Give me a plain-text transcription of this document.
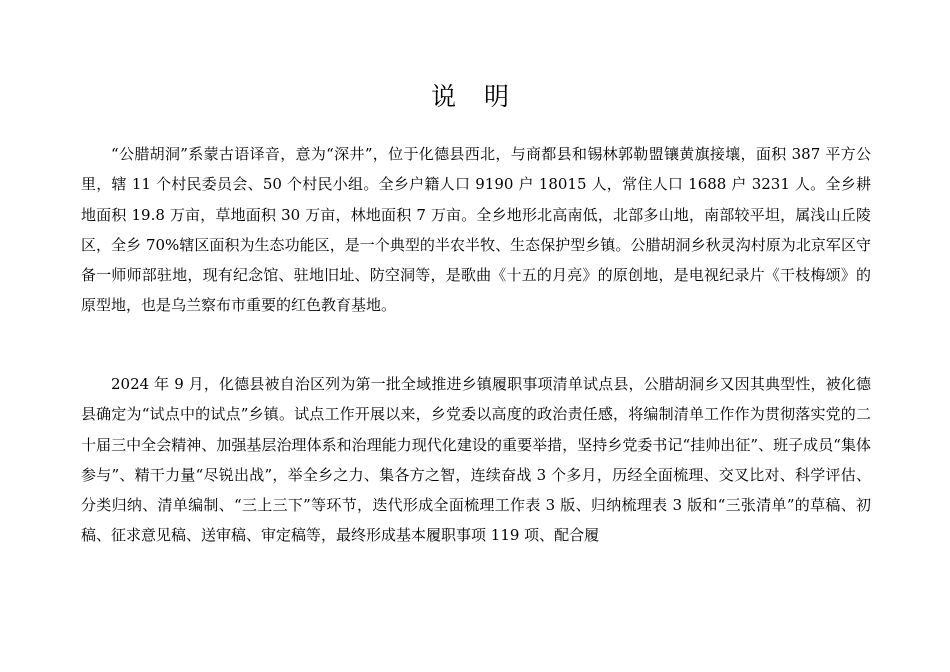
说 明

“公腊胡洞”系蒙古语译音，意为“深井”，位于化德县西北，与商都县和锡林郭勒盟镶黄旗接壤，面积 387 平方公里，辖 11 个村民委员会、50 个村民小组。全乡户籍人口 9190 户 18015 人，常住人口 1688 户 3231 人。全乡耕地面积 19.8 万亩，草地面积 30 万亩，林地面积 7 万亩。全乡地形北高南低，北部多山地，南部较平坦，属浅山丘陵区，全乡 70%辖区面积为生态功能区，是一个典型的半农半牧、生态保护型乡镇。公腊胡洞乡秋灵沟村原为北京军区守备一师师部驻地，现有纪念馆、驻地旧址、防空洞等，是歌曲《十五的月亮》的原创地，是电视纪录片《干枝梅颂》的原型地，也是乌兰察布市重要的红色教育基地。

2024 年 9 月，化德县被自治区列为第一批全域推进乡镇履职事项清单试点县，公腊胡洞乡又因其典型性，被化德县确定为“试点中的试点”乡镇。试点工作开展以来，乡党委以高度的政治责任感，将编制清单工作作为贯彻落实党的二十届三中全会精神、加强基层治理体系和治理能力现代化建设的重要举措，坚持乡党委书记“挂帅出征”、班子成员“集体参与”、精干力量“尽锐出战”，举全乡之力、集各方之智，连续奋战 3 个多月，历经全面梳理、交叉比对、科学评估、分类归纳、清单编制、“三上三下”等环节，迭代形成全面梳理工作表 3 版、归纳梳理表 3 版和“三张清单”的草稿、初稿、征求意见稿、送审稿、审定稿等，最终形成基本履职事项 119 项、配合履
